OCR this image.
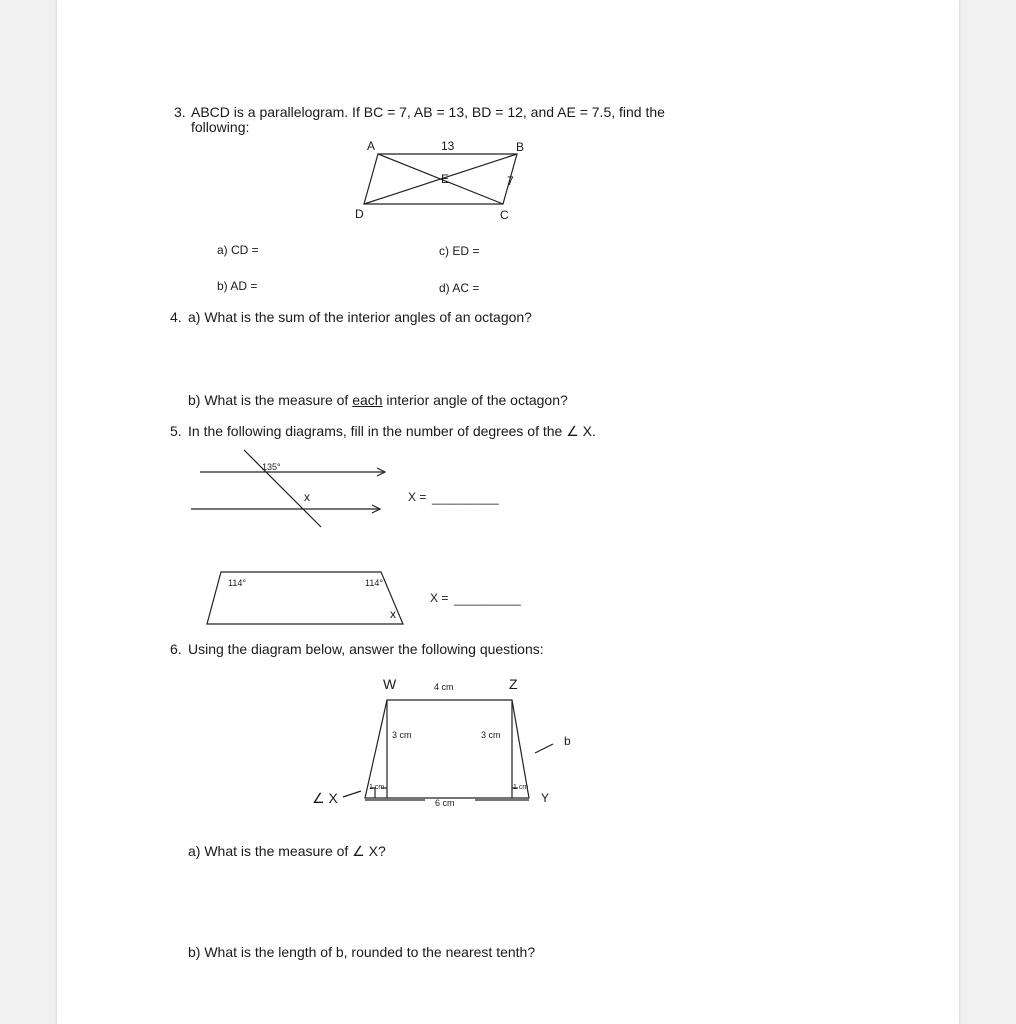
3. ABCD is a parallelogram. If BC = 7, AB = 13, BD = 12, and AE = 7.5, find the
following:
A	13	B
E	7
D	C
a) CD =	c) ED =
b) AD =	d) AC =
4. a) What is the sum of the interior angles of an octagon?
b) What is the measure of each interior angle of the octagon?
5. In the following diagrams, fill in the number of degrees of the ∠ X.
135°
x	X = __________
114°	114°
x
X = __________
6. Using the diagram below, answer the following questions:
W	4 cm	Z
3 cm	3 cm	b
∠ X
1 cm	1 cm
6 cm	Y
a) What is the measure of ∠ X?
b) What is the length of b, rounded to the nearest tenth?
